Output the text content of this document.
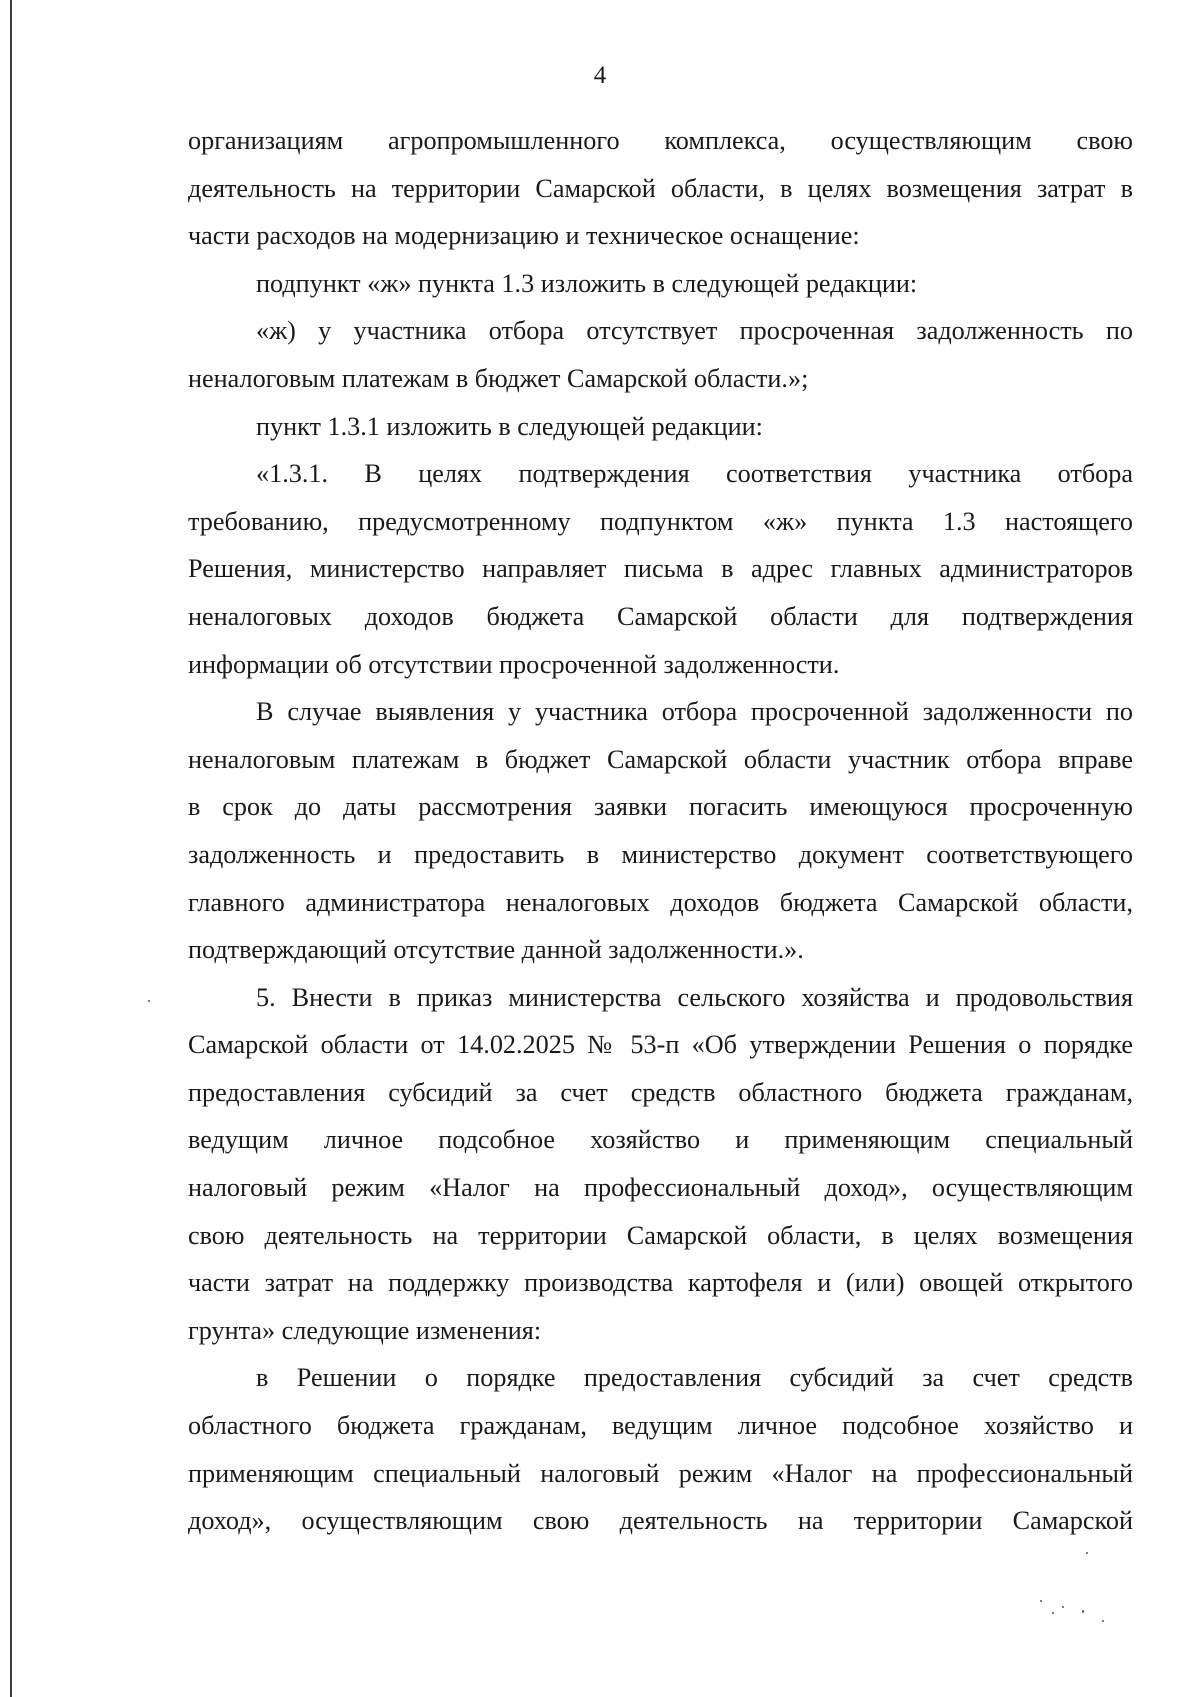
4
организациям агропромышленного комплекса, осуществляющим свою
деятельность на территории Самарской области, в целях возмещения затрат в
части расходов на модернизацию и техническое оснащение:
подпункт «ж» пункта 1.3 изложить в следующей редакции:
«ж) у участника отбора отсутствует просроченная задолженность по
неналоговым платежам в бюджет Самарской области.»;
пункт 1.3.1 изложить в следующей редакции:
«1.3.1. В целях подтверждения соответствия участника отбора
требованию, предусмотренному подпунктом «ж» пункта 1.3 настоящего
Решения, министерство направляет письма в адрес главных администраторов
неналоговых доходов бюджета Самарской области для подтверждения
информации об отсутствии просроченной задолженности.
В случае выявления у участника отбора просроченной задолженности по
неналоговым платежам в бюджет Самарской области участник отбора вправе
в срок до даты рассмотрения заявки погасить имеющуюся просроченную
задолженность и предоставить в министерство документ соответствующего
главного администратора неналоговых доходов бюджета Самарской области,
подтверждающий отсутствие данной задолженности.».
5. Внести в приказ министерства сельского хозяйства и продовольствия
Самарской области от 14.02.2025 № 53-п «Об утверждении Решения о порядке
предоставления субсидий за счет средств областного бюджета гражданам,
ведущим личное подсобное хозяйство и применяющим специальный
налоговый режим «Налог на профессиональный доход», осуществляющим
свою деятельность на территории Самарской области, в целях возмещения
части затрат на поддержку производства картофеля и (или) овощей открытого
грунта» следующие изменения:
в Решении о порядке предоставления субсидий за счет средств
областного бюджета гражданам, ведущим личное подсобное хозяйство и
применяющим специальный налоговый режим «Налог на профессиональный
доход», осуществляющим свою деятельность на территории Самарской
